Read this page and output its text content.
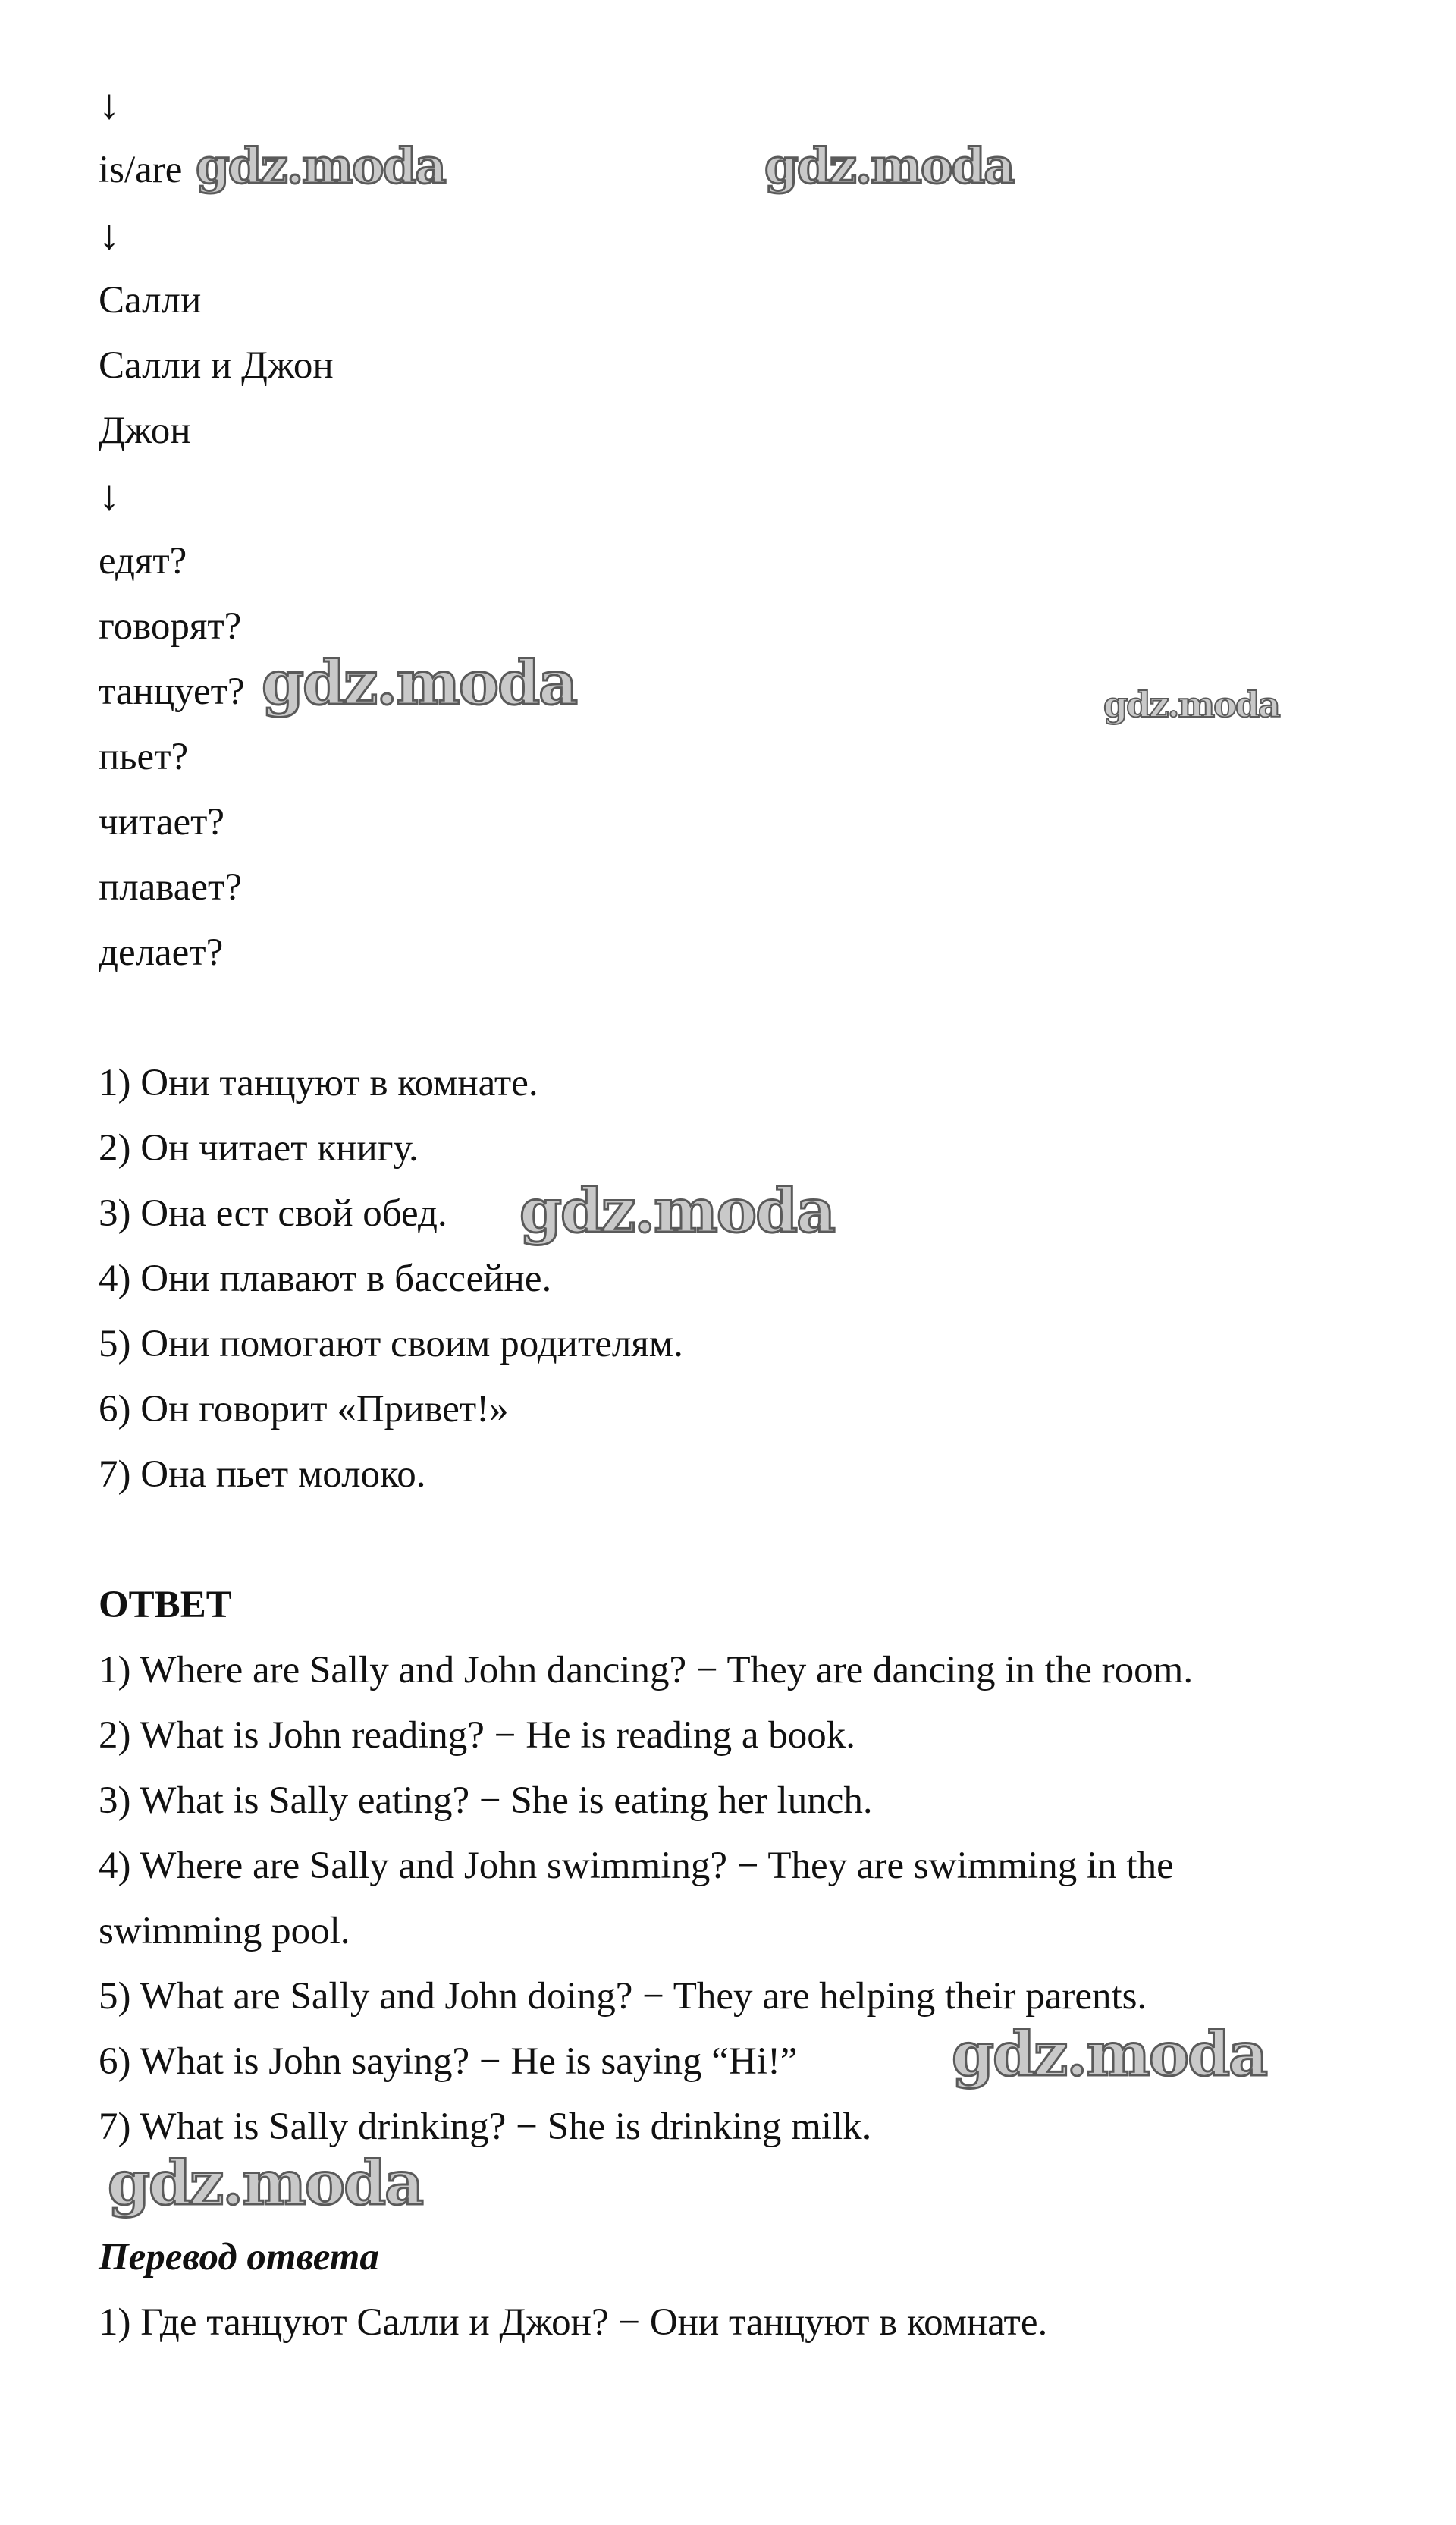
↓
is/are
↓
Салли
Салли и Джон
Джон
↓
едят?
говорят?
танцует?
пьет?
читает?
плавает?
делает?
1) Они танцуют в комнате.
2) Он читает книгу.
3) Она ест свой обед.
4) Они плавают в бассейне.
5) Они помогают своим родителям.
6) Он говорит «Привет!»
7) Она пьет молоко.
ОТВЕТ
1) Where are Sally and John dancing? − They are dancing in the room.
2) What is John reading? − He is reading a book.
3) What is Sally eating? − She is eating her lunch.
4) Where are Sally and John swimming? − They are swimming in the
swimming pool.
5) What are Sally and John doing? − They are helping their parents.
6) What is John saying? − He is saying “Hi!”
7) What is Sally drinking? − She is drinking milk.
Перевод ответа
1) Где танцуют Салли и Джон? − Они танцуют в комнате.
gdz.moda	gdz.moda
gdz.moda	gdz.moda
gdz.moda
gdz.moda
gdz.moda
